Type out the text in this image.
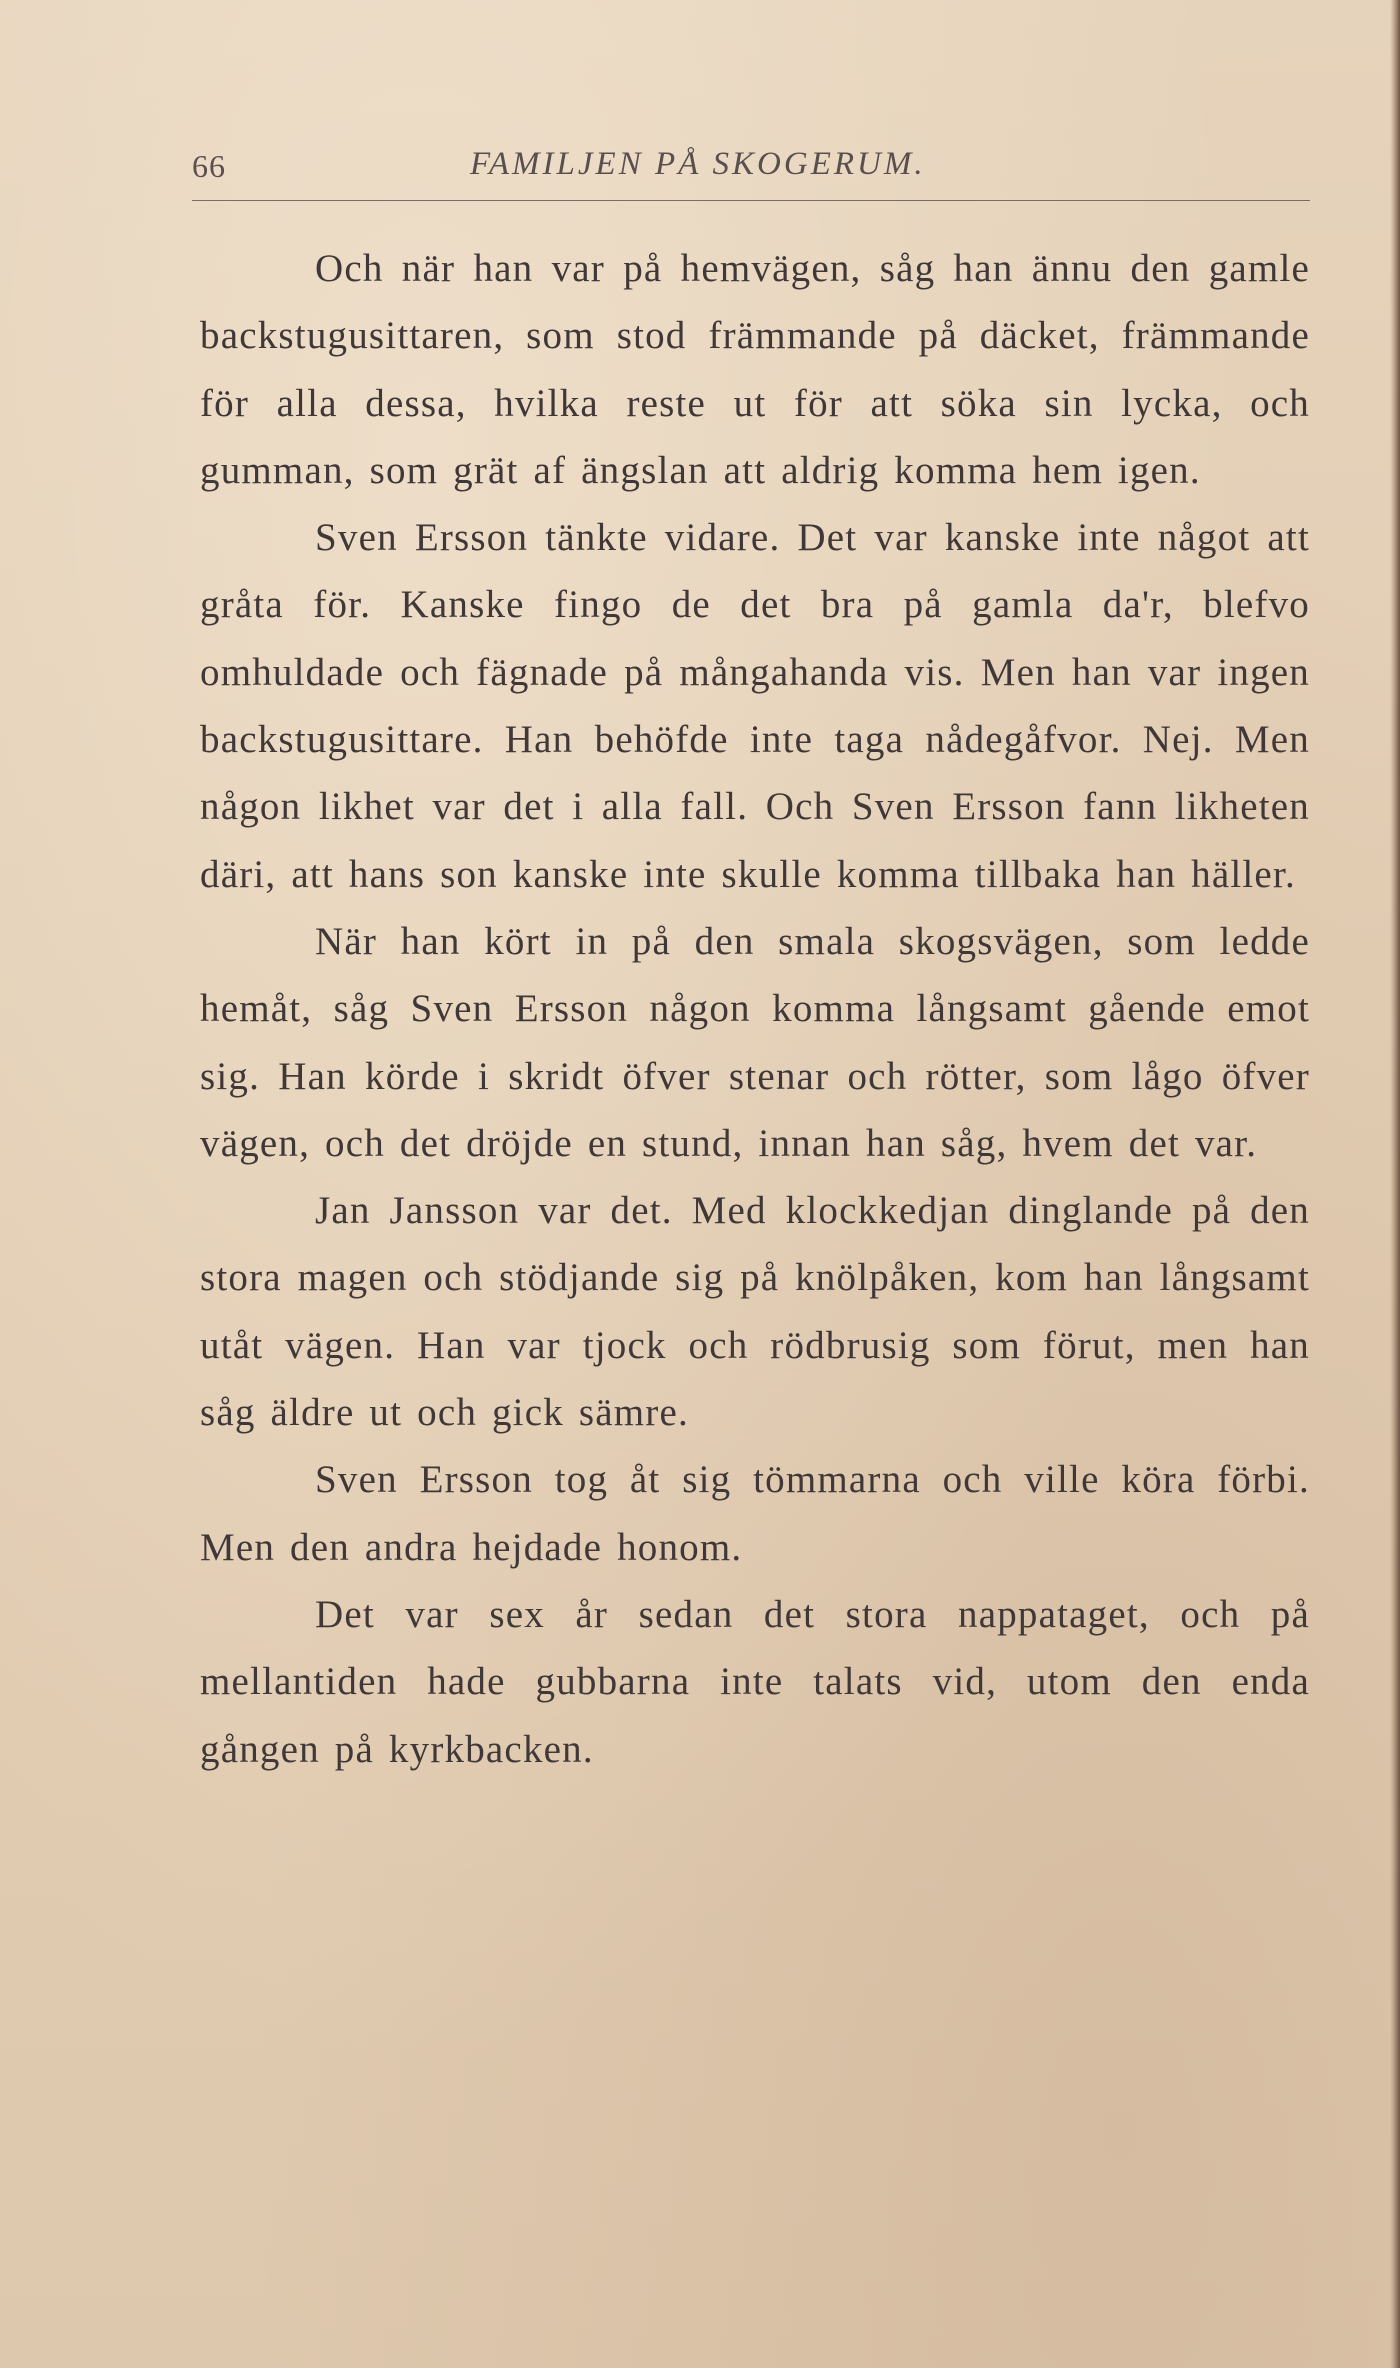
66	FAMILJEN PÅ SKOGERUM.

Och när han var på hemvägen, såg han ännu den gamle backstugusittaren, som stod främmande på däcket, främmande för alla dessa, hvilka reste ut för att söka sin lycka, och gumman, som grät af ängslan att aldrig komma hem igen.

Sven Ersson tänkte vidare. Det var kanske inte något att gråta för. Kanske fingo de det bra på gamla da'r, blefvo omhuldade och fägnade på mångahanda vis. Men han var ingen backstugusittare. Han behöfde inte taga nådegåfvor. Nej. Men någon likhet var det i alla fall. Och Sven Ersson fann likheten däri, att hans son kanske inte skulle komma tillbaka han häller.

När han kört in på den smala skogsvägen, som ledde hemåt, såg Sven Ersson någon komma långsamt gående emot sig. Han körde i skridt öfver stenar och rötter, som lågo öfver vägen, och det dröjde en stund, innan han såg, hvem det var.

Jan Jansson var det. Med klockkedjan dinglande på den stora magen och stödjande sig på knölpåken, kom han långsamt utåt vägen. Han var tjock och rödbrusig som förut, men han såg äldre ut och gick sämre.

Sven Ersson tog åt sig tömmarna och ville köra förbi. Men den andra hejdade honom.

Det var sex år sedan det stora nappataget, och på mellantiden hade gubbarna inte talats vid, utom den enda gången på kyrkbacken.
